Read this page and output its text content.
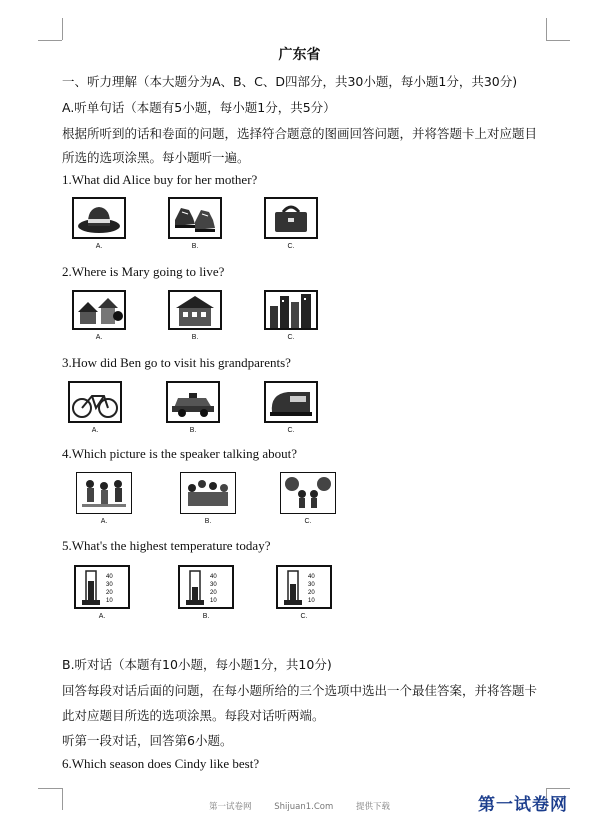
广东省
一、听力理解（本大题分为A、B、C、D四部分，共30小题，每小题1分，共30分)
A.听单句话（本题有5小题，每小题1分，共5分）
根据所听到的话和卷面的问题，选择符合题意的图画回答问题，并将答题卡上对应题目
所选的选项涂黑。每小题听一遍。
1.What did Alice buy for her mother?
A.	B.	C.
2.Where is Mary going to live?
A.	B.	C.
3.How did Ben go to visit his grandparents?
A.	B.	C.
4.Which picture is the speaker talking about?
A.	B.	C.
5.What's the highest temperature today?
40
30
20
10
A.
40
30
20
10
B.
40
30
20
10
C.
B.听对话（本题有10小题，每小题1分，共10分)
回答每段对话后面的问题，在每小题所给的三个选项中选出一个最佳答案，并将答题卡
此对应题目所选的选项涂黑。每段对话听两端。
听第一段对话，回答第6小题。
6.Which season does Cindy like best?
第一试卷网	Shijuan1.Com	提供下载	第一试卷网
